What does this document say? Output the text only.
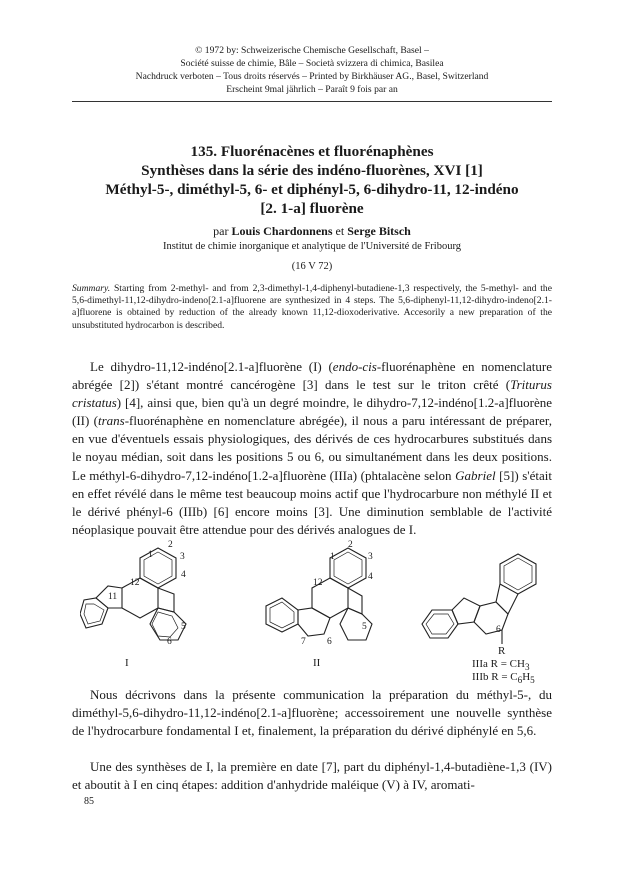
© 1972 by: Schweizerische Chemische Gesellschaft, Basel –
Société suisse de chimie, Bâle – Società svizzera di chimica, Basilea
Nachdruck verboten – Tous droits réservés – Printed by Birkhäuser AG., Basel, Switzerland
Erscheint 9mal jährlich – Paraît 9 fois par an
135. Fluorénacènes et fluorénaphènes
Synthèses dans la série des indéno-fluorènes, XVI [1]
Méthyl-5-, diméthyl-5, 6- et diphényl-5, 6-dihydro-11, 12-indéno
[2. 1-a] fluorène
par Louis Chardonnens et Serge Bitsch
Institut de chimie inorganique et analytique de l'Université de Fribourg
(16 V 72)
Summary. Starting from 2-methyl- and from 2,3-dimethyl-1,4-diphenyl-butadiene-1,3 respectively, the 5-methyl- and the 5,6-dimethyl-11,12-dihydro-indeno[2.1-a]fluorene are synthesized in 4 steps. The 5,6-diphenyl-11,12-dihydro-indeno[2.1-a]fluorene is obtained by reduction of the already known 11,12-dioxoderivative. Accesorily a new preparation of the unsubstituted hydrocarbon is described.
Le dihydro-11,12-indéno[2.1-a]fluorène (I) (endo-cis-fluorénaphène en nomenclature abrégée [2]) s'étant montré cancérogène [3] dans le test sur le triton crêté (Triturus cristatus) [4], ainsi que, bien qu'à un degré moindre, le dihydro-7,12-indéno[1.2-a]fluorène (II) (trans-fluorénaphène en nomenclature abrégée), il nous a paru intéressant de préparer, en vue d'éventuels essais physiologiques, des dérivés de ces hydrocarbures substitués dans le noyau médian, soit dans les positions 5 ou 6, ou simultanément dans les deux positions. Le méthyl-6-dihydro-7,12-indéno[1.2-a]fluorène (IIIa) (phtalacène selon Gabriel [5]) s'était en effet révélé dans le même test beaucoup moins actif que l'hydrocarbure non méthylé II et le dérivé phényl-6 (IIIb) [6] encore moins [3]. Une diminution semblable de l'activité néoplasique pouvait être attendue pour des dérivés analogues de I.
2
1	3
4
12
11
5
6
I
2
1	3
4
12
5
7 6
II
6
R
IIIa $R = CH_3$
IIIb $R = C_6H_5$
Nous décrivons dans la présente communication la préparation du méthyl-5-, du diméthyl-5,6-dihydro-11,12-indéno[2.1-a]fluorène; accessoirement une nouvelle synthèse de l'hydrocarbure fondamental I et, finalement, la préparation du dérivé diphénylé en 5,6.
Une des synthèses de I, la première en date [7], part du diphényl-1,4-butadiène-1,3 (IV) et aboutit à I en cinq étapes: addition d'anhydride maléique (V) à IV, aromati-
85
